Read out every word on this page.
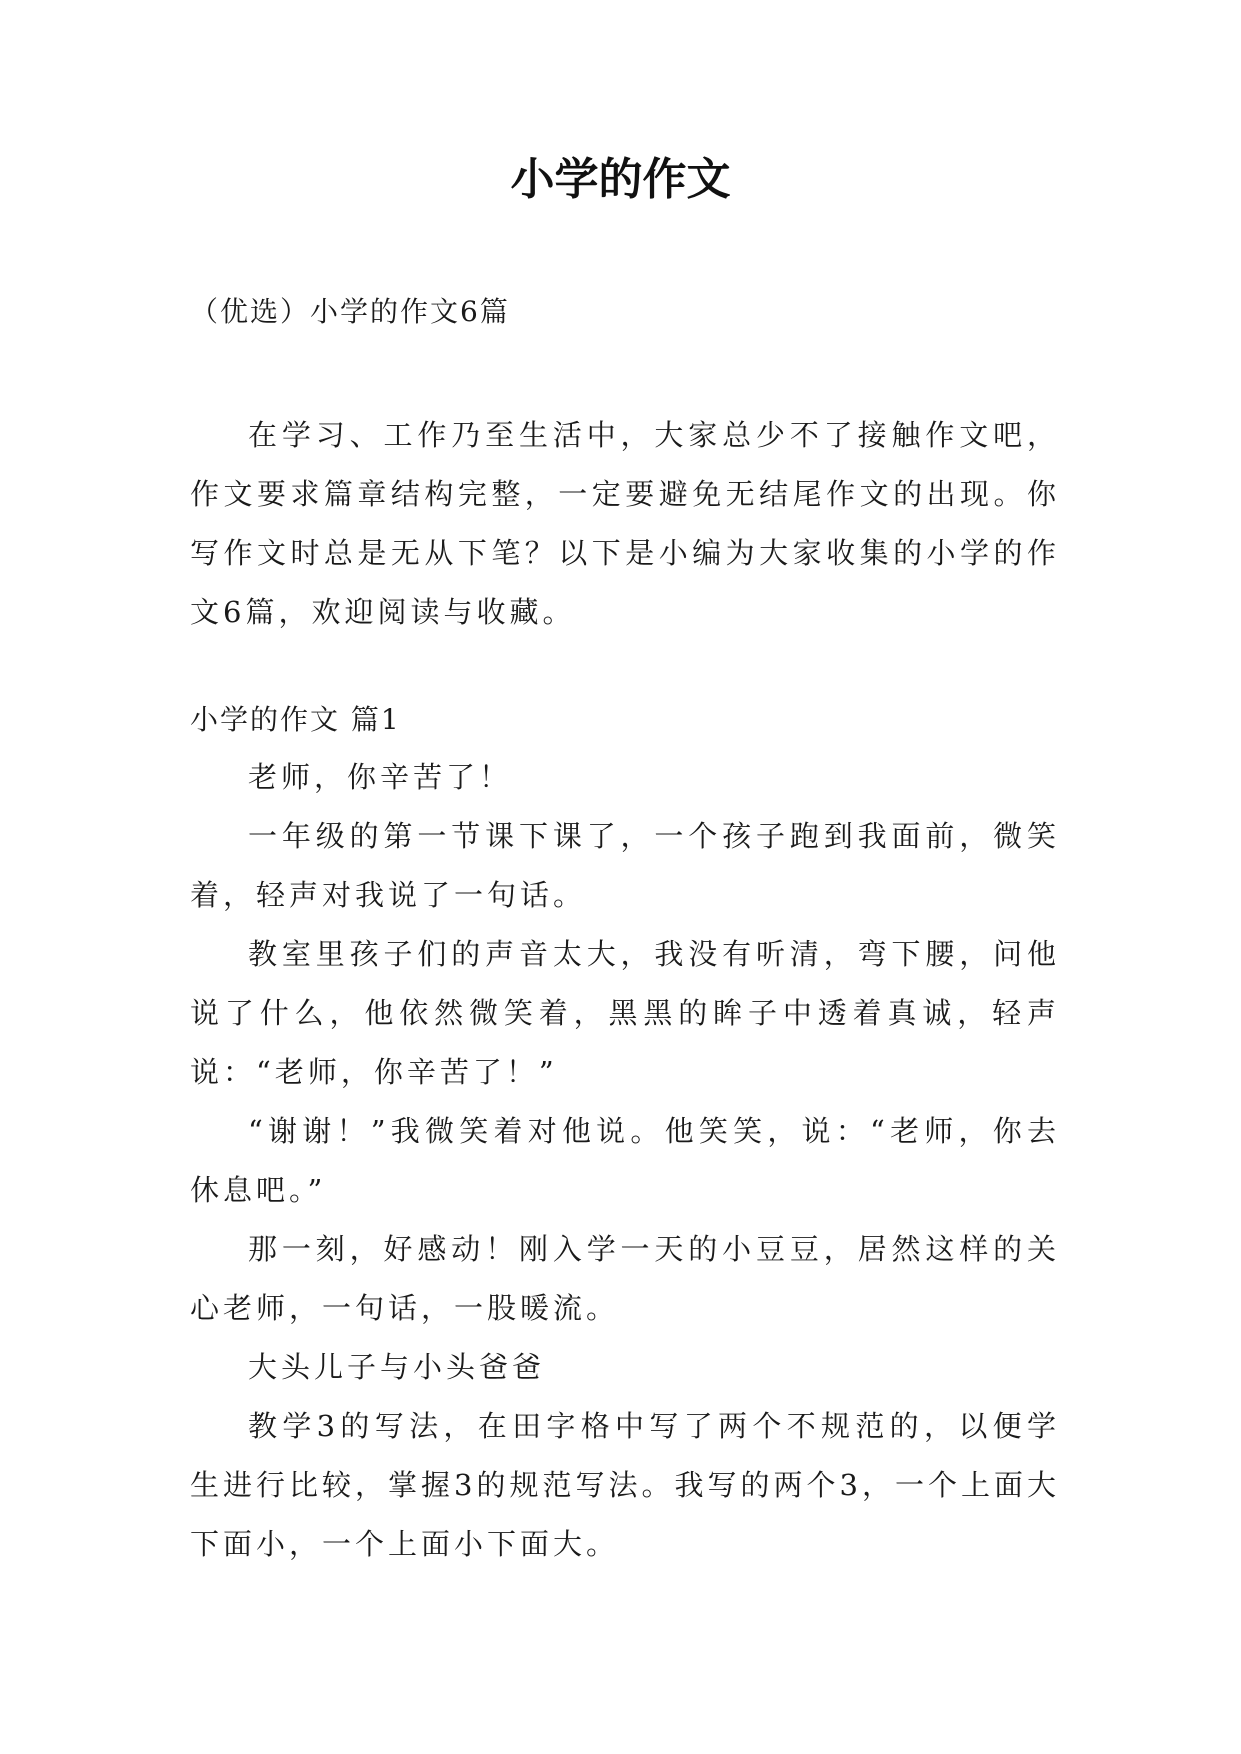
小学的作文
（优选）小学的作文6篇

在学习、工作乃至生活中，大家总少不了接触作文吧，作文要求篇章结构完整，一定要避免无结尾作文的出现。你写作文时总是无从下笔？以下是小编为大家收集的小学的作文6篇，欢迎阅读与收藏。

小学的作文 篇1

老师，你辛苦了！

一年级的第一节课下课了，一个孩子跑到我面前，微笑着，轻声对我说了一句话。

教室里孩子们的声音太大，我没有听清，弯下腰，问他说了什么，他依然微笑着，黑黑的眸子中透着真诚，轻声说：“老师，你辛苦了！”

“谢谢！”我微笑着对他说。他笑笑，说：“老师，你去休息吧。”

那一刻，好感动！刚入学一天的小豆豆，居然这样的关心老师，一句话，一股暖流。

大头儿子与小头爸爸

教学3的写法，在田字格中写了两个不规范的，以便学生进行比较，掌握3的规范写法。我写的两个3，一个上面大下面小，一个上面小下面大。
